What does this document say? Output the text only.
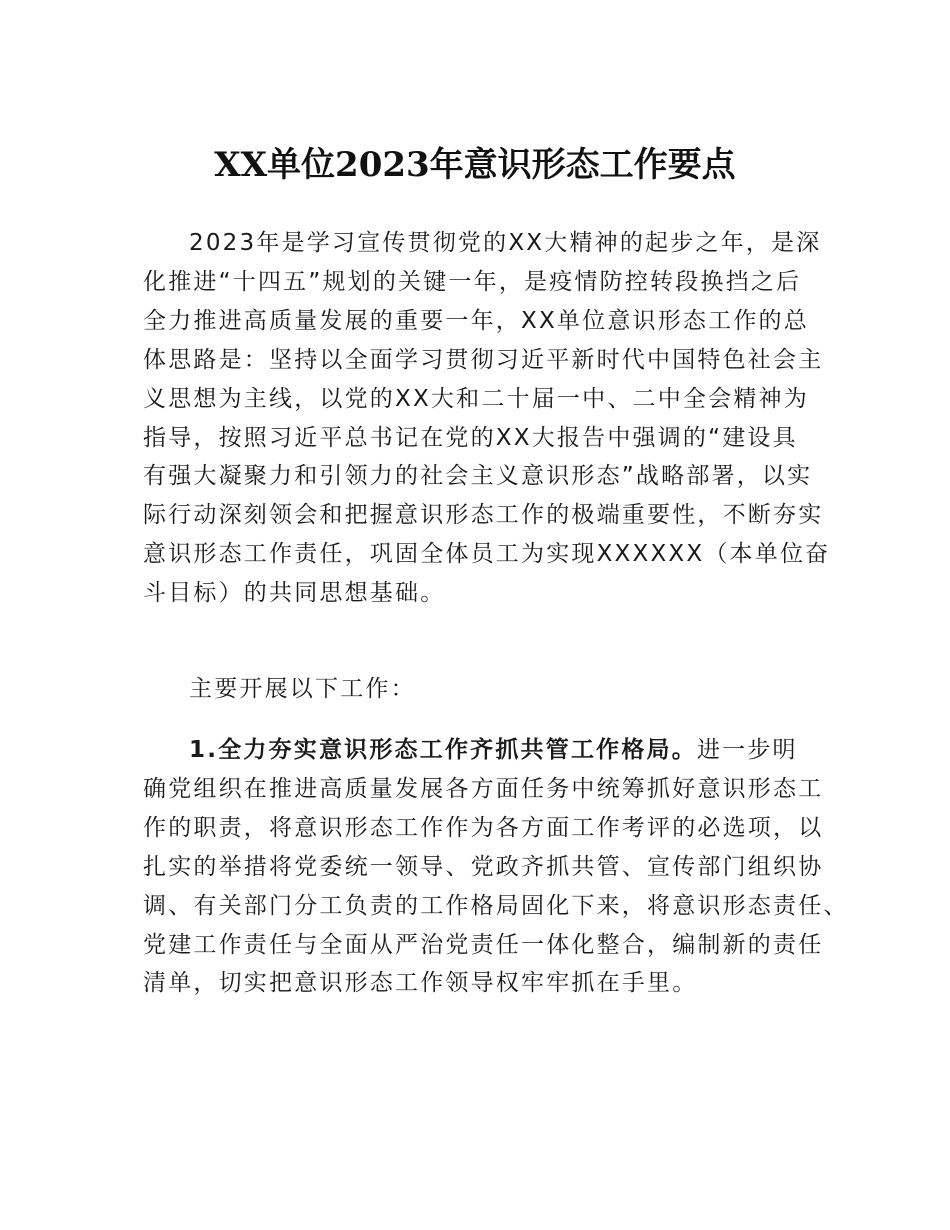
XX单位2023年意识形态工作要点
2023年是学习宣传贯彻党的XX大精神的起步之年，是深
化推进“十四五”规划的关键一年，是疫情防控转段换挡之后
全力推进高质量发展的重要一年，XX单位意识形态工作的总
体思路是：坚持以全面学习贯彻习近平新时代中国特色社会主
义思想为主线，以党的XX大和二十届一中、二中全会精神为
指导，按照习近平总书记在党的XX大报告中强调的“建设具
有强大凝聚力和引领力的社会主义意识形态”战略部署，以实
际行动深刻领会和把握意识形态工作的极端重要性，不断夯实
意识形态工作责任，巩固全体员工为实现XXXXXX（本单位奋
斗目标）的共同思想基础。
主要开展以下工作：
1.全力夯实意识形态工作齐抓共管工作格局。进一步明
确党组织在推进高质量发展各方面任务中统筹抓好意识形态工
作的职责，将意识形态工作作为各方面工作考评的必选项，以
扎实的举措将党委统一领导、党政齐抓共管、宣传部门组织协
调、有关部门分工负责的工作格局固化下来，将意识形态责任、
党建工作责任与全面从严治党责任一体化整合，编制新的责任
清单，切实把意识形态工作领导权牢牢抓在手里。
